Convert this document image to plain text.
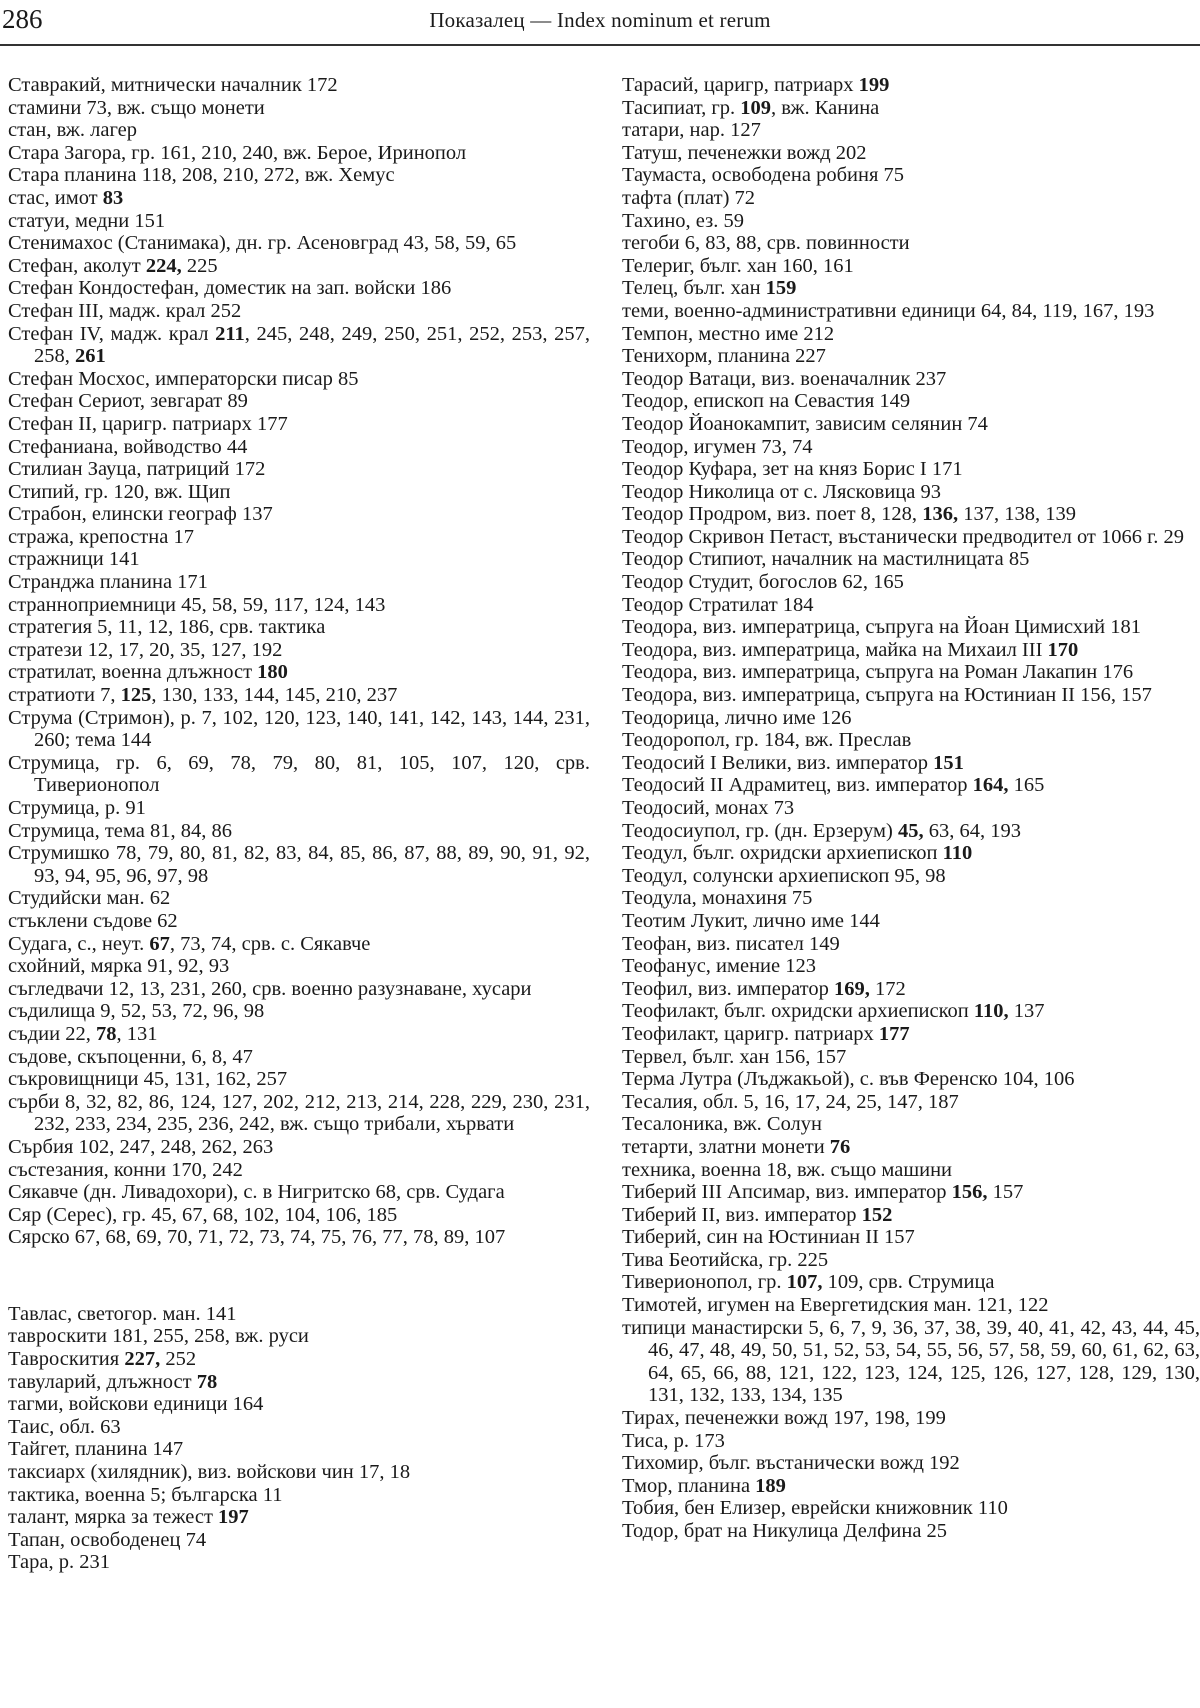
286	Показалец — Index nominum et rerum
Ставракий, митнически началник 172
стамини 73, вж. също монети
стан, вж. лагер
Стара Загора, гр. 161, 210, 240, вж. Берое, Иринопол
Стара планина 118, 208, 210, 272, вж. Хемус
стас, имот 83
статуи, медни 151
Стенимахос (Станимака), дн. гр. Асеновград 43, 58, 59, 65
Стефан, аколут 224, 225
Стефан Кондостефан, доместик на зап. войски 186
Стефан III, мадж. крал 252
Стефан IV, мадж. крал 211, 245, 248, 249, 250, 251, 252, 253, 257, 258, 261
Стефан Мосхос, императорски писар 85
Стефан Сериот, зевгарат 89
Стефан II, царигр. патриарх 177
Стефаниана, войводство 44
Стилиан Зауца, патриций 172
Стипий, гр. 120, вж. Щип
Страбон, елински географ 137
стража, крепостна 17
стражници 141
Странджа планина 171
странноприемници 45, 58, 59, 117, 124, 143
стратегия 5, 11, 12, 186, срв. тактика
стратези 12, 17, 20, 35, 127, 192
стратилат, военна длъжност 180
стратиоти 7, 125, 130, 133, 144, 145, 210, 237
Струма (Стримон), р. 7, 102, 120, 123, 140, 141, 142, 143, 144, 231, 260; тема 144
Струмица, гр. 6, 69, 78, 79, 80, 81, 105, 107, 120, срв. Тиверионопол
Струмица, р. 91
Струмица, тема 81, 84, 86
Струмишко 78, 79, 80, 81, 82, 83, 84, 85, 86, 87, 88, 89, 90, 91, 92, 93, 94, 95, 96, 97, 98
Студийски ман. 62
стъклени съдове 62
Судага, с., неут. 67, 73, 74, срв. с. Сякавче
схойний, мярка 91, 92, 93
съгледвачи 12, 13, 231, 260, срв. военно разузнаване, хусари
съдилища 9, 52, 53, 72, 96, 98
съдии 22, 78, 131
съдове, скъпоценни, 6, 8, 47
съкровищници 45, 131, 162, 257
сърби 8, 32, 82, 86, 124, 127, 202, 212, 213, 214, 228, 229, 230, 231, 232, 233, 234, 235, 236, 242, вж. също трибали, хървати
Сърбия 102, 247, 248, 262, 263
състезания, конни 170, 242
Сякавче (дн. Ливадохори), с. в Нигритско 68, срв. Судага
Сяр (Серес), гр. 45, 67, 68, 102, 104, 106, 185
Сярско 67, 68, 69, 70, 71, 72, 73, 74, 75, 76, 77, 78, 89, 107
Тавлас, светогор. ман. 141
тавроскити 181, 255, 258, вж. руси
Тавроскития 227, 252
тавуларий, длъжност 78
тагми, войскови единици 164
Таис, обл. 63
Тайгет, планина 147
таксиарх (хилядник), виз. войскови чин 17, 18
тактика, военна 5; българска 11
талант, мярка за тежест 197
Тапан, освободенец 74
Тара, р. 231
Тарасий, царигр, патриарх 199
Тасипиат, гр. 109, вж. Канина
татари, нар. 127
Татуш, печенежки вожд 202
Таумаста, освободена робиня 75
тафта (плат) 72
Тахино, ез. 59
тегоби 6, 83, 88, срв. повинности
Телериг, бълг. хан 160, 161
Телец, бълг. хан 159
теми, военно-административни единици 64, 84, 119, 167, 193
Темпон, местно име 212
Тенихорм, планина 227
Теодор Ватаци, виз. военачалник 237
Теодор, епископ на Севастия 149
Теодор Йоанокампит, зависим селянин 74
Теодор, игумен 73, 74
Теодор Куфара, зет на княз Борис I 171
Теодор Николица от с. Лясковица 93
Теодор Продром, виз. поет 8, 128, 136, 137, 138, 139
Теодор Скривон Петаст, въстанически предводител от 1066 г. 29
Теодор Стипиот, началник на мастилницата 85
Теодор Студит, богослов 62, 165
Теодор Стратилат 184
Теодора, виз. императрица, съпруга на Йоан Цимисхий 181
Теодора, виз. императрица, майка на Михаил III 170
Теодора, виз. императрица, съпруга на Роман Лакапин 176
Теодора, виз. императрица, съпруга на Юстиниан II 156, 157
Теодорица, лично име 126
Теодоропол, гр. 184, вж. Преслав
Теодосий I Велики, виз. император 151
Теодосий II Адрамитец, виз. император 164, 165
Теодосий, монах 73
Теодосиупол, гр. (дн. Ерзерум) 45, 63, 64, 193
Теодул, бълг. охридски архиепископ 110
Теодул, солунски архиепископ 95, 98
Теодула, монахиня 75
Теотим Лукит, лично име 144
Теофан, виз. писател 149
Теофанус, имение 123
Теофил, виз. император 169, 172
Теофилакт, бълг. охридски архиепископ 110, 137
Теофилакт, царигр. патриарх 177
Тервел, бълг. хан 156, 157
Терма Лутра (Лъджакьой), с. във Ференско 104, 106
Тесалия, обл. 5, 16, 17, 24, 25, 147, 187
Тесалоника, вж. Солун
тетарти, златни монети 76
техника, военна 18, вж. също машини
Тиберий III Апсимар, виз. император 156, 157
Тиберий II, виз. император 152
Тиберий, син на Юстиниан II 157
Тива Беотийска, гр. 225
Тиверионопол, гр. 107, 109, срв. Струмица
Тимотей, игумен на Евергетидския ман. 121, 122
типици манастирски 5, 6, 7, 9, 36, 37, 38, 39, 40, 41, 42, 43, 44, 45, 46, 47, 48, 49, 50, 51, 52, 53, 54, 55, 56, 57, 58, 59, 60, 61, 62, 63, 64, 65, 66, 88, 121, 122, 123, 124, 125, 126, 127, 128, 129, 130, 131, 132, 133, 134, 135
Тирах, печенежки вожд 197, 198, 199
Тиса, р. 173
Тихомир, бълг. въстанически вожд 192
Тмор, планина 189
Тобия, бен Елизер, еврейски книжовник 110
Тодор, брат на Никулица Делфина 25
